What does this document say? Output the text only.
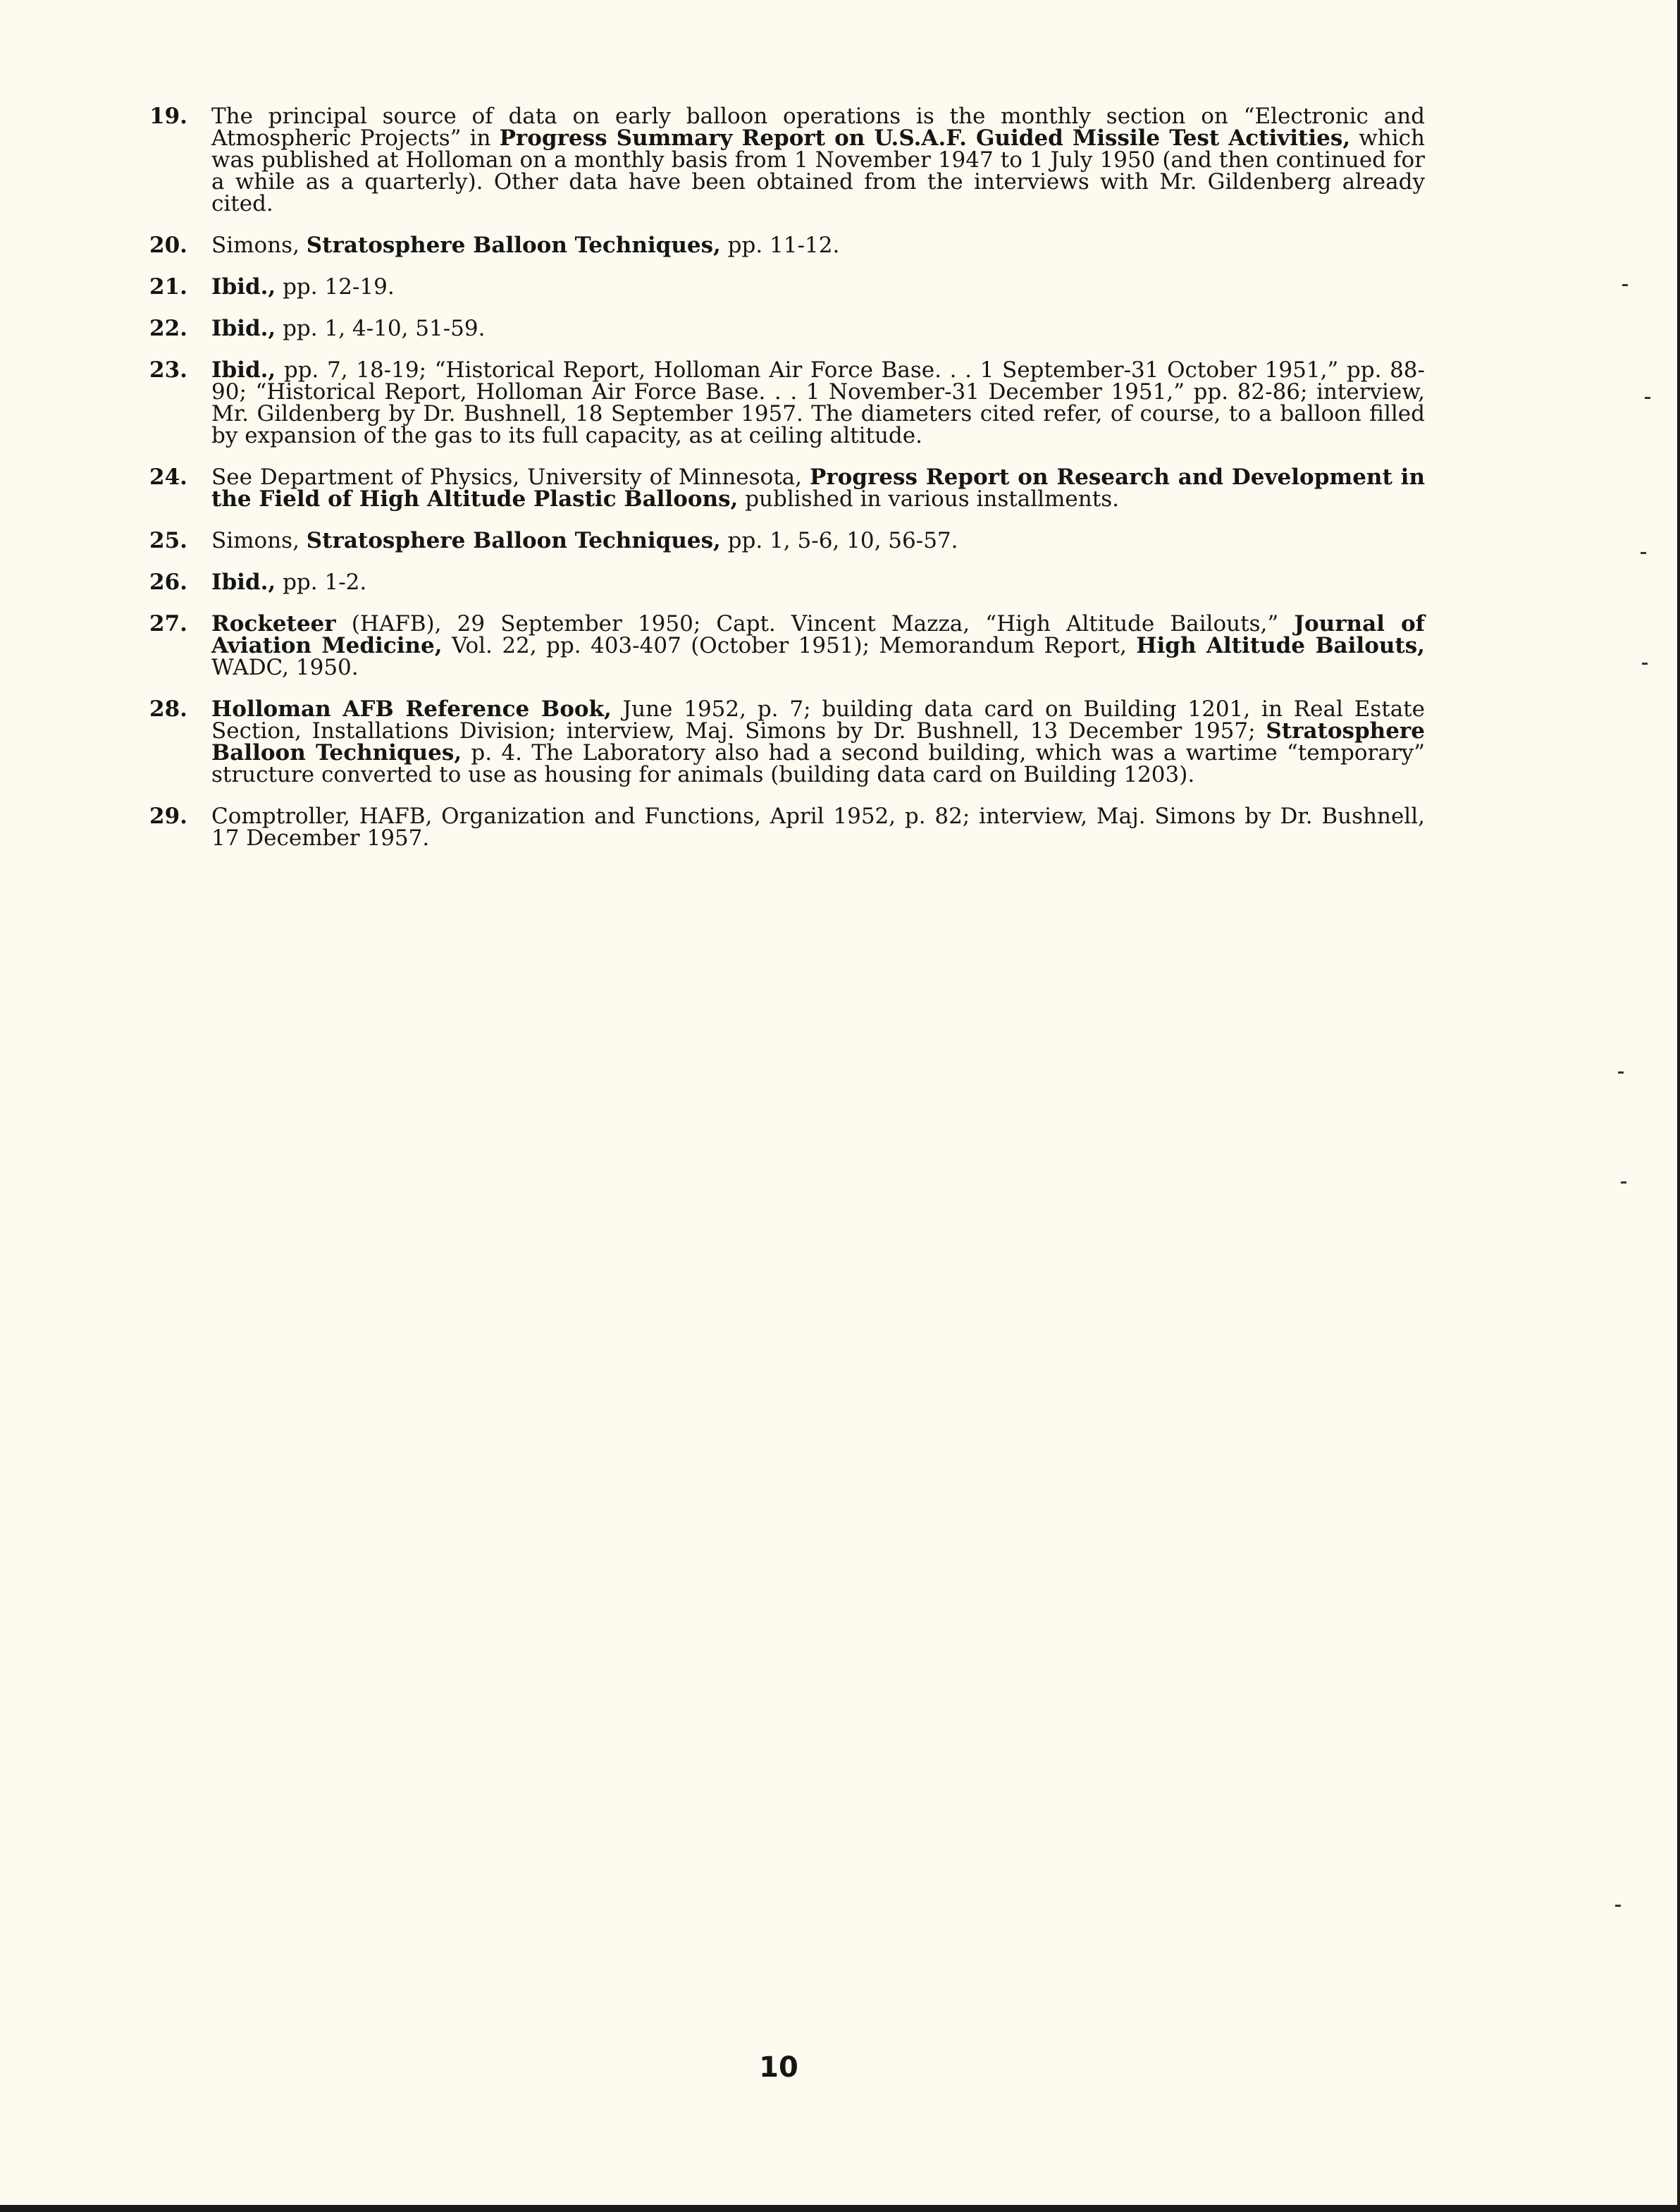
19. The principal source of data on early balloon operations is the monthly section on “Electronic and Atmospheric Projects” in Progress Summary Report on U.S.A.F. Guided Missile Test Activities, which was published at Holloman on a monthly basis from 1 November 1947 to 1 July 1950 (and then continued for a while as a quarterly). Other data have been obtained from the interviews with Mr. Gildenberg already cited.
20. Simons, Stratosphere Balloon Techniques, pp. 11-12.
21. Ibid., pp. 12-19.
22. Ibid., pp. 1, 4-10, 51-59.
23. Ibid., pp. 7, 18-19; “Historical Report, Holloman Air Force Base. . . 1 September-31 October 1951,” pp. 88-90; “Historical Report, Holloman Air Force Base. . . 1 November-31 December 1951,” pp. 82-86; interview, Mr. Gildenberg by Dr. Bushnell, 18 September 1957. The diameters cited refer, of course, to a balloon filled by expansion of the gas to its full capacity, as at ceiling altitude.
24. See Department of Physics, University of Minnesota, Progress Report on Research and Development in the Field of High Altitude Plastic Balloons, published in various installments.
25. Simons, Stratosphere Balloon Techniques, pp. 1, 5-6, 10, 56-57.
26. Ibid., pp. 1-2.
27. Rocketeer (HAFB), 29 September 1950; Capt. Vincent Mazza, “High Altitude Bailouts,” Journal of Aviation Medicine, Vol. 22, pp. 403-407 (October 1951); Memorandum Report, High Altitude Bailouts, WADC, 1950.
28. Holloman AFB Reference Book, June 1952, p. 7; building data card on Building 1201, in Real Estate Section, Installations Division; interview, Maj. Simons by Dr. Bushnell, 13 December 1957; Stratosphere Balloon Techniques, p. 4. The Laboratory also had a second building, which was a wartime “temporary” structure converted to use as housing for animals (building data card on Building 1203).
29. Comptroller, HAFB, Organization and Functions, April 1952, p. 82; interview, Maj. Simons by Dr. Bushnell, 17 December 1957.
10
